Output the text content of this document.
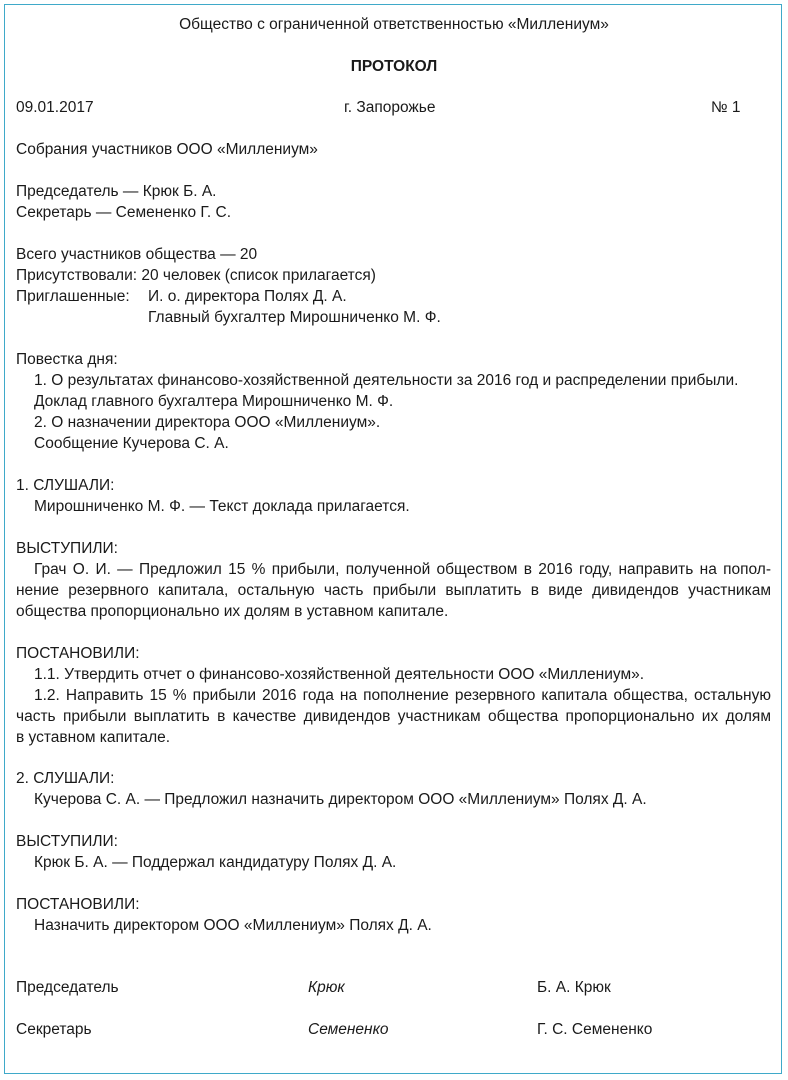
Общество с ограниченной ответственностью «Миллениум»
ПРОТОКОЛ
09.01.2017	г. Запорожье	№ 1
Собрания участников ООО «Миллениум»
Председатель — Крюк Б. А.
Секретарь — Семененко Г. С.
Всего участников общества — 20
Присутствовали: 20 человек (список прилагается)
Приглашенные: И. о. директора Полях Д. А.
Главный бухгалтер Мирошниченко М. Ф.
Повестка дня:
1. О результатах финансово-хозяйственной деятельности за 2016 год и распределении прибыли.
Доклад главного бухгалтера Мирошниченко М. Ф.
2. О назначении директора ООО «Миллениум».
Сообщение Кучерова С. А.
1. СЛУШАЛИ:
Мирошниченко М. Ф. — Текст доклада прилагается.
ВЫСТУПИЛИ:
Грач О. И. — Предложил 15 % прибыли, полученной обществом в 2016 году, направить на попол-
нение резервного капитала, остальную часть прибыли выплатить в виде дивидендов участникам
общества пропорционально их долям в уставном капитале.
ПОСТАНОВИЛИ:
1.1. Утвердить отчет о финансово-хозяйственной деятельности ООО «Миллениум».
1.2. Направить 15 % прибыли 2016 года на пополнение резервного капитала общества, остальную
часть прибыли выплатить в качестве дивидендов участникам общества пропорционально их долям
в уставном капитале.
2. СЛУШАЛИ:
Кучерова С. А. — Предложил назначить директором ООО «Миллениум» Полях Д. А.
ВЫСТУПИЛИ:
Крюк Б. А. — Поддержал кандидатуру Полях Д. А.
ПОСТАНОВИЛИ:
Назначить директором ООО «Миллениум» Полях Д. А.
Председатель	Крюк	Б. А. Крюк
Секретарь	Семененко	Г. С. Семененко
